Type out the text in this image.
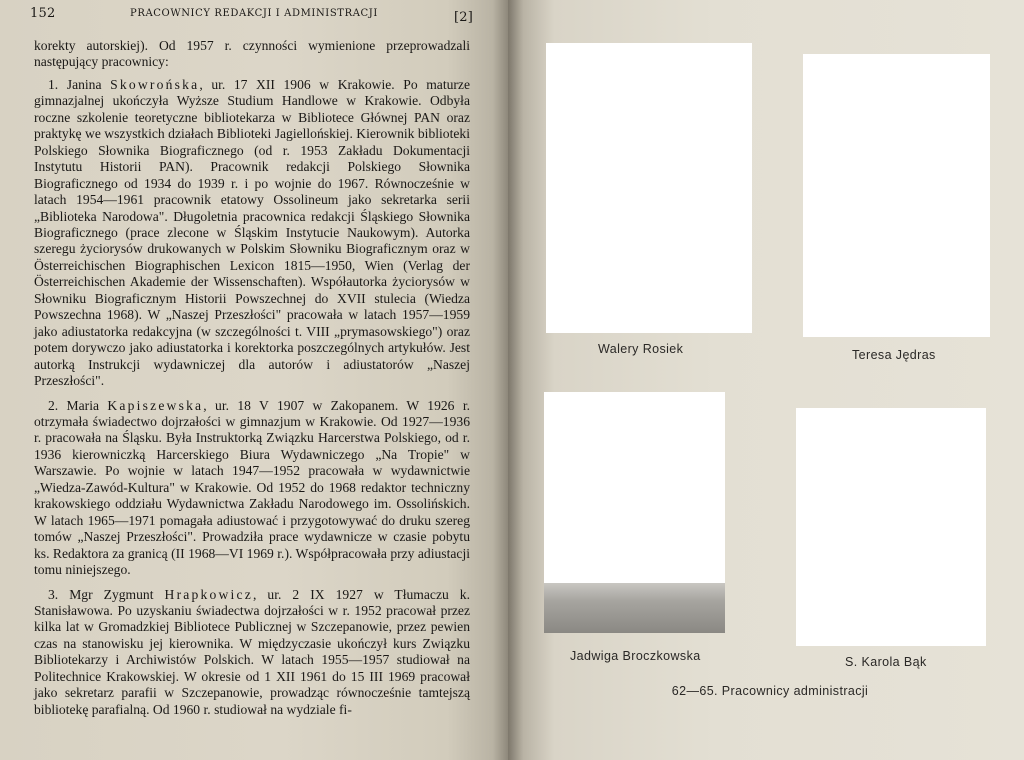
152	PRACOWNICY REDAKCJI I ADMINISTRACJI	[2]

korekty autorskiej). Od 1957 r. czynności wymienione przeprowadzali następujący pracownicy:

1. Janina Skowrońska, ur. 17 XII 1906 w Krakowie. Po maturze gimnazjalnej ukończyła Wyższe Studium Handlowe w Krakowie. Odbyła roczne szkolenie teoretyczne bibliotekarza w Bibliotece Głównej PAN oraz praktykę we wszystkich działach Biblioteki Jagiellońskiej. Kierownik biblioteki Polskiego Słownika Biograficznego (od r. 1953 Zakładu Dokumentacji Instytutu Historii PAN). Pracownik redakcji Polskiego Słownika Biograficznego od 1934 do 1939 r. i po wojnie do 1967. Równocześnie w latach 1954—1961 pracownik etatowy Ossolineum jako sekretarka serii „Biblioteka Narodowa". Długoletnia pracownica redakcji Śląskiego Słownika Biograficznego (prace zlecone w Śląskim Instytucie Naukowym). Autorka szeregu życiorysów drukowanych w Polskim Słowniku Biograficznym oraz w Österreichischen Biographischen Lexicon 1815—1950, Wien (Verlag der Österreichischen Akademie der Wissenschaften). Współautorka życiorysów w Słowniku Biograficznym Historii Powszechnej do XVII stulecia (Wiedza Powszechna 1968). W „Naszej Przeszłości" pracowała w latach 1957—1959 jako adiustatorka redakcyjna (w szczególności t. VIII „prymasowskiego") oraz potem dorywczo jako adiustatorka i korektorka poszczególnych artykułów. Jest autorką Instrukcji wydawniczej dla autorów i adiustatorów „Naszej Przeszłości".

2. Maria Kapiszewska, ur. 18 V 1907 w Zakopanem. W 1926 r. otrzymała świadectwo dojrzałości w gimnazjum w Krakowie. Od 1927—1936 r. pracowała na Śląsku. Była Instruktorką Związku Harcerstwa Polskiego, od r. 1936 kierowniczką Harcerskiego Biura Wydawniczego „Na Tropie" w Warszawie. Po wojnie w latach 1947—1952 pracowała w wydawnictwie „Wiedza-Zawód-Kultura" w Krakowie. Od 1952 do 1968 redaktor techniczny krakowskiego oddziału Wydawnictwa Zakładu Narodowego im. Ossolińskich. W latach 1965—1971 pomagała adiustować i przygotowywać do druku szereg tomów „Naszej Przeszłości". Prowadziła prace wydawnicze w czasie pobytu ks. Redaktora za granicą (II 1968—VI 1969 r.). Współpracowała przy adiustacji tomu niniejszego.

3. Mgr Zygmunt Hrapkowicz, ur. 2 IX 1927 w Tłumaczu k. Stanisławowa. Po uzyskaniu świadectwa dojrzałości w r. 1952 pracował przez kilka lat w Gromadzkiej Bibliotece Publicznej w Szczepanowie, przez pewien czas na stanowisku jej kierownika. W międzyczasie ukończył kurs Związku Bibliotekarzy i Archiwistów Polskich. W latach 1955—1957 studiował na Politechnice Krakowskiej. W okresie od 1 XII 1961 do 15 III 1969 pracował jako sekretarz parafii w Szczepanowie, prowadząc równocześnie tamtejszą bibliotekę parafialną. Od 1960 r. studiował na wydziale fi-

Walery Rosiek	Teresa Jędras
Jadwiga Broczkowska	S. Karola Bąk
62—65. Pracownicy administracji
